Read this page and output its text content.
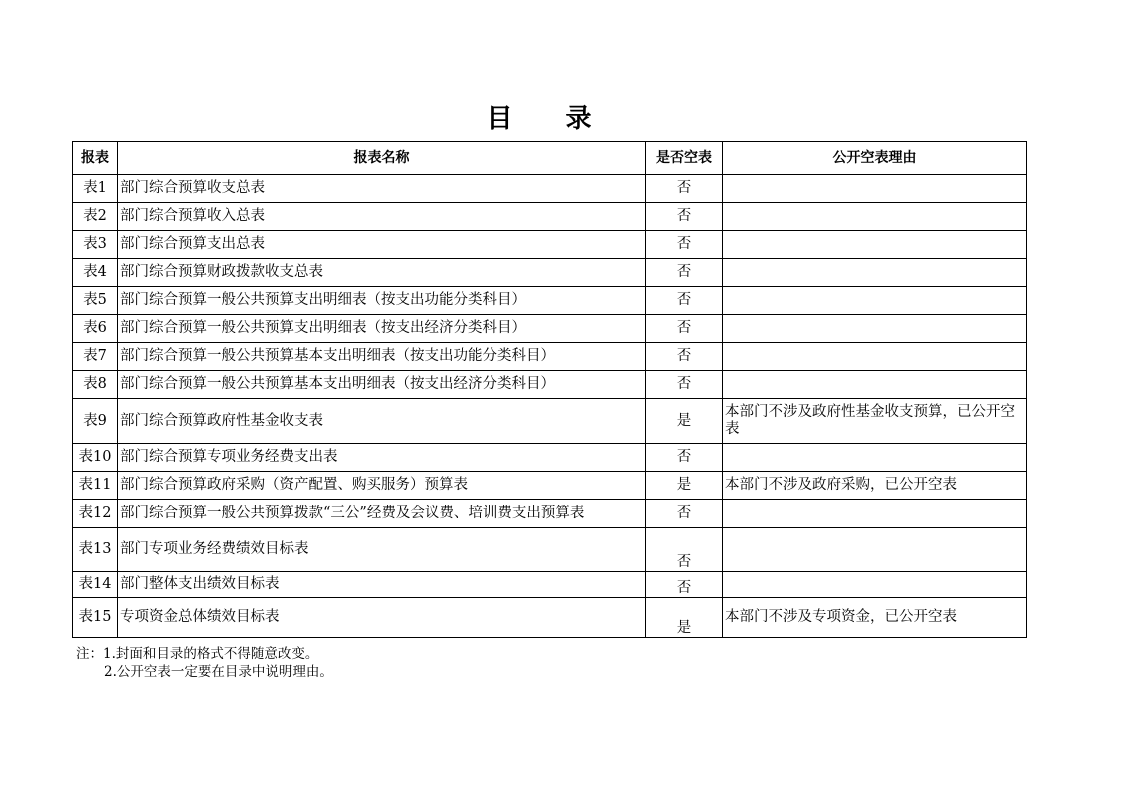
目 录
报表	报表名称	是否空表	公开空表理由
表1	部门综合预算收支总表	否	
表2	部门综合预算收入总表	否	
表3	部门综合预算支出总表	否	
表4	部门综合预算财政拨款收支总表	否	
表5	部门综合预算一般公共预算支出明细表（按支出功能分类科目）	否	
表6	部门综合预算一般公共预算支出明细表（按支出经济分类科目）	否	
表7	部门综合预算一般公共预算基本支出明细表（按支出功能分类科目）	否	
表8	部门综合预算一般公共预算基本支出明细表（按支出经济分类科目）	否	
表9	部门综合预算政府性基金收支表	是	本部门不涉及政府性基金收支预算，已公开空表
表10	部门综合预算专项业务经费支出表	否	
表11	部门综合预算政府采购（资产配置、购买服务）预算表	是	本部门不涉及政府采购，已公开空表
表12	部门综合预算一般公共预算拨款“三公”经费及会议费、培训费支出预算表	否	
表13	部门专项业务经费绩效目标表	否	
表14	部门整体支出绩效目标表	否	
表15	专项资金总体绩效目标表	是	本部门不涉及专项资金，已公开空表
注：1.封面和目录的格式不得随意改变。
2.公开空表一定要在目录中说明理由。
